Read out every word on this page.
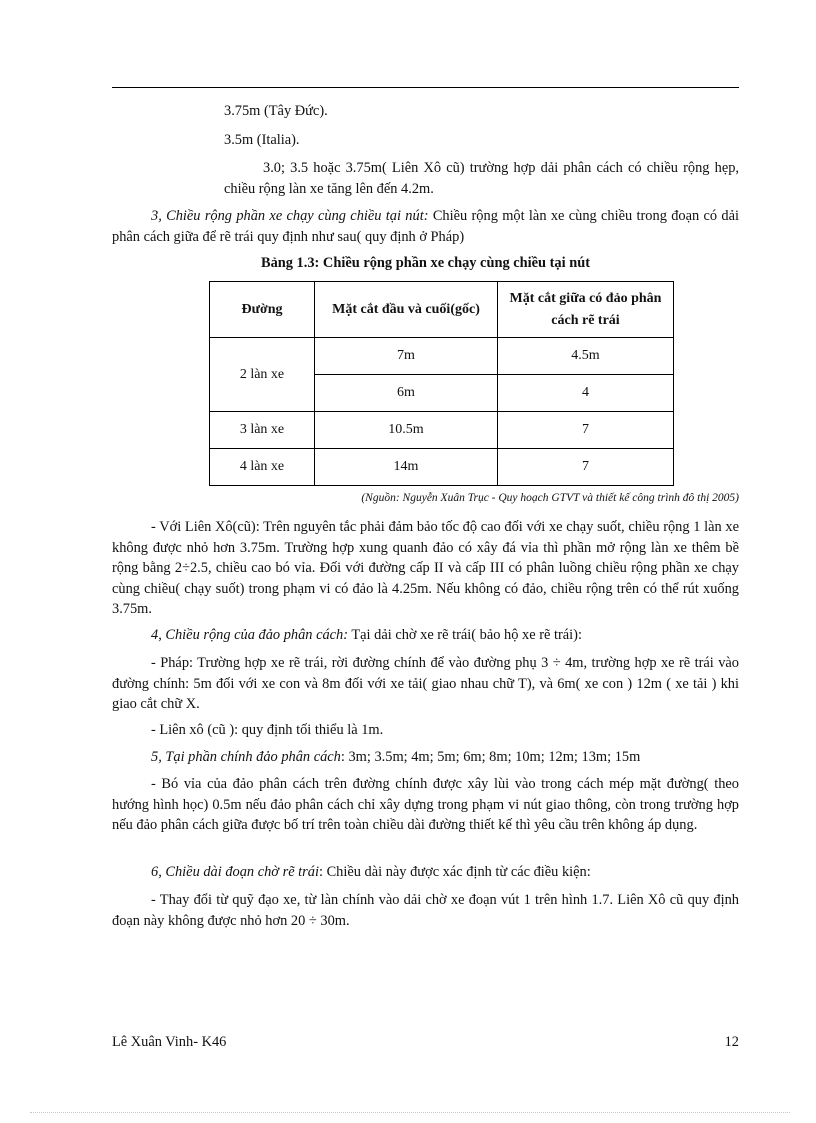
3.75m (Tây Đức).

3.5m (Italia).

3.0; 3.5 hoặc 3.75m( Liên Xô cũ) trường hợp dải phân cách có chiều rộng hẹp, chiều rộng làn xe tăng lên đến 4.2m.

3, Chiều rộng phần xe chạy cùng chiều tại nút: Chiều rộng một làn xe cùng chiều trong đoạn có dải phân cách giữa để rẽ trái quy định như sau( quy định ở Pháp)

Bảng 1.3: Chiều rộng phần xe chạy cùng chiều tại nút
Đường	Mặt cắt đầu và cuối(gốc)	Mặt cắt giữa có đảo phân cách rẽ trái
2 làn xe	7m	4.5m
	6m	4
3 làn xe	10.5m	7
4 làn xe	14m	7
(Nguồn: Nguyễn Xuân Trục - Quy hoạch GTVT và thiết kế công trình đô thị 2005)

- Với Liên Xô(cũ): Trên nguyên tắc phải đảm bảo tốc độ cao đối với xe chạy suốt, chiều rộng 1 làn xe không được nhỏ hơn 3.75m. Trường hợp xung quanh đảo có xây đá vỉa thì phần mở rộng làn xe thêm bề rộng bằng 2÷2.5, chiều cao bó vỉa. Đối với đường cấp II và cấp III có phân luồng chiều rộng phần xe chạy cùng chiều( chạy suốt) trong phạm vi có đảo là 4.25m. Nếu không có đảo, chiều rộng trên có thể rút xuống 3.75m.

4, Chiều rộng của đảo phân cách: Tại dải chờ xe rẽ trái( bảo hộ xe rẽ trái):

- Pháp: Trường hợp xe rẽ trái, rời đường chính để vào đường phụ 3 ÷ 4m, trường hợp xe rẽ trái vào đường chính: 5m đối với xe con và 8m đối với xe tải( giao nhau chữ T), và 6m( xe con ) 12m ( xe tải ) khi giao cắt chữ X.

- Liên xô (cũ ): quy định tối thiểu là 1m.

5, Tại phần chính đảo phân cách: 3m; 3.5m; 4m; 5m; 6m; 8m; 10m; 12m; 13m; 15m

- Bó vỉa của đảo phân cách trên đường chính được xây lùi vào trong cách mép mặt đường( theo hướng hình học) 0.5m nếu đảo phân cách chỉ xây dựng trong phạm vi nút giao thông, còn trong trường hợp nếu đảo phân cách giữa được bố trí trên toàn chiều dài đường thiết kế thì yêu cầu trên không áp dụng.

6, Chiều dài đoạn chờ rẽ trái: Chiều dài này được xác định từ các điều kiện:

- Thay đổi từ quỹ đạo xe, từ làn chính vào dải chờ xe đoạn vút 1 trên hình 1.7. Liên Xô cũ quy định đoạn này không được nhỏ hơn 20 ÷ 30m.

Lê Xuân Vinh- K46	12
